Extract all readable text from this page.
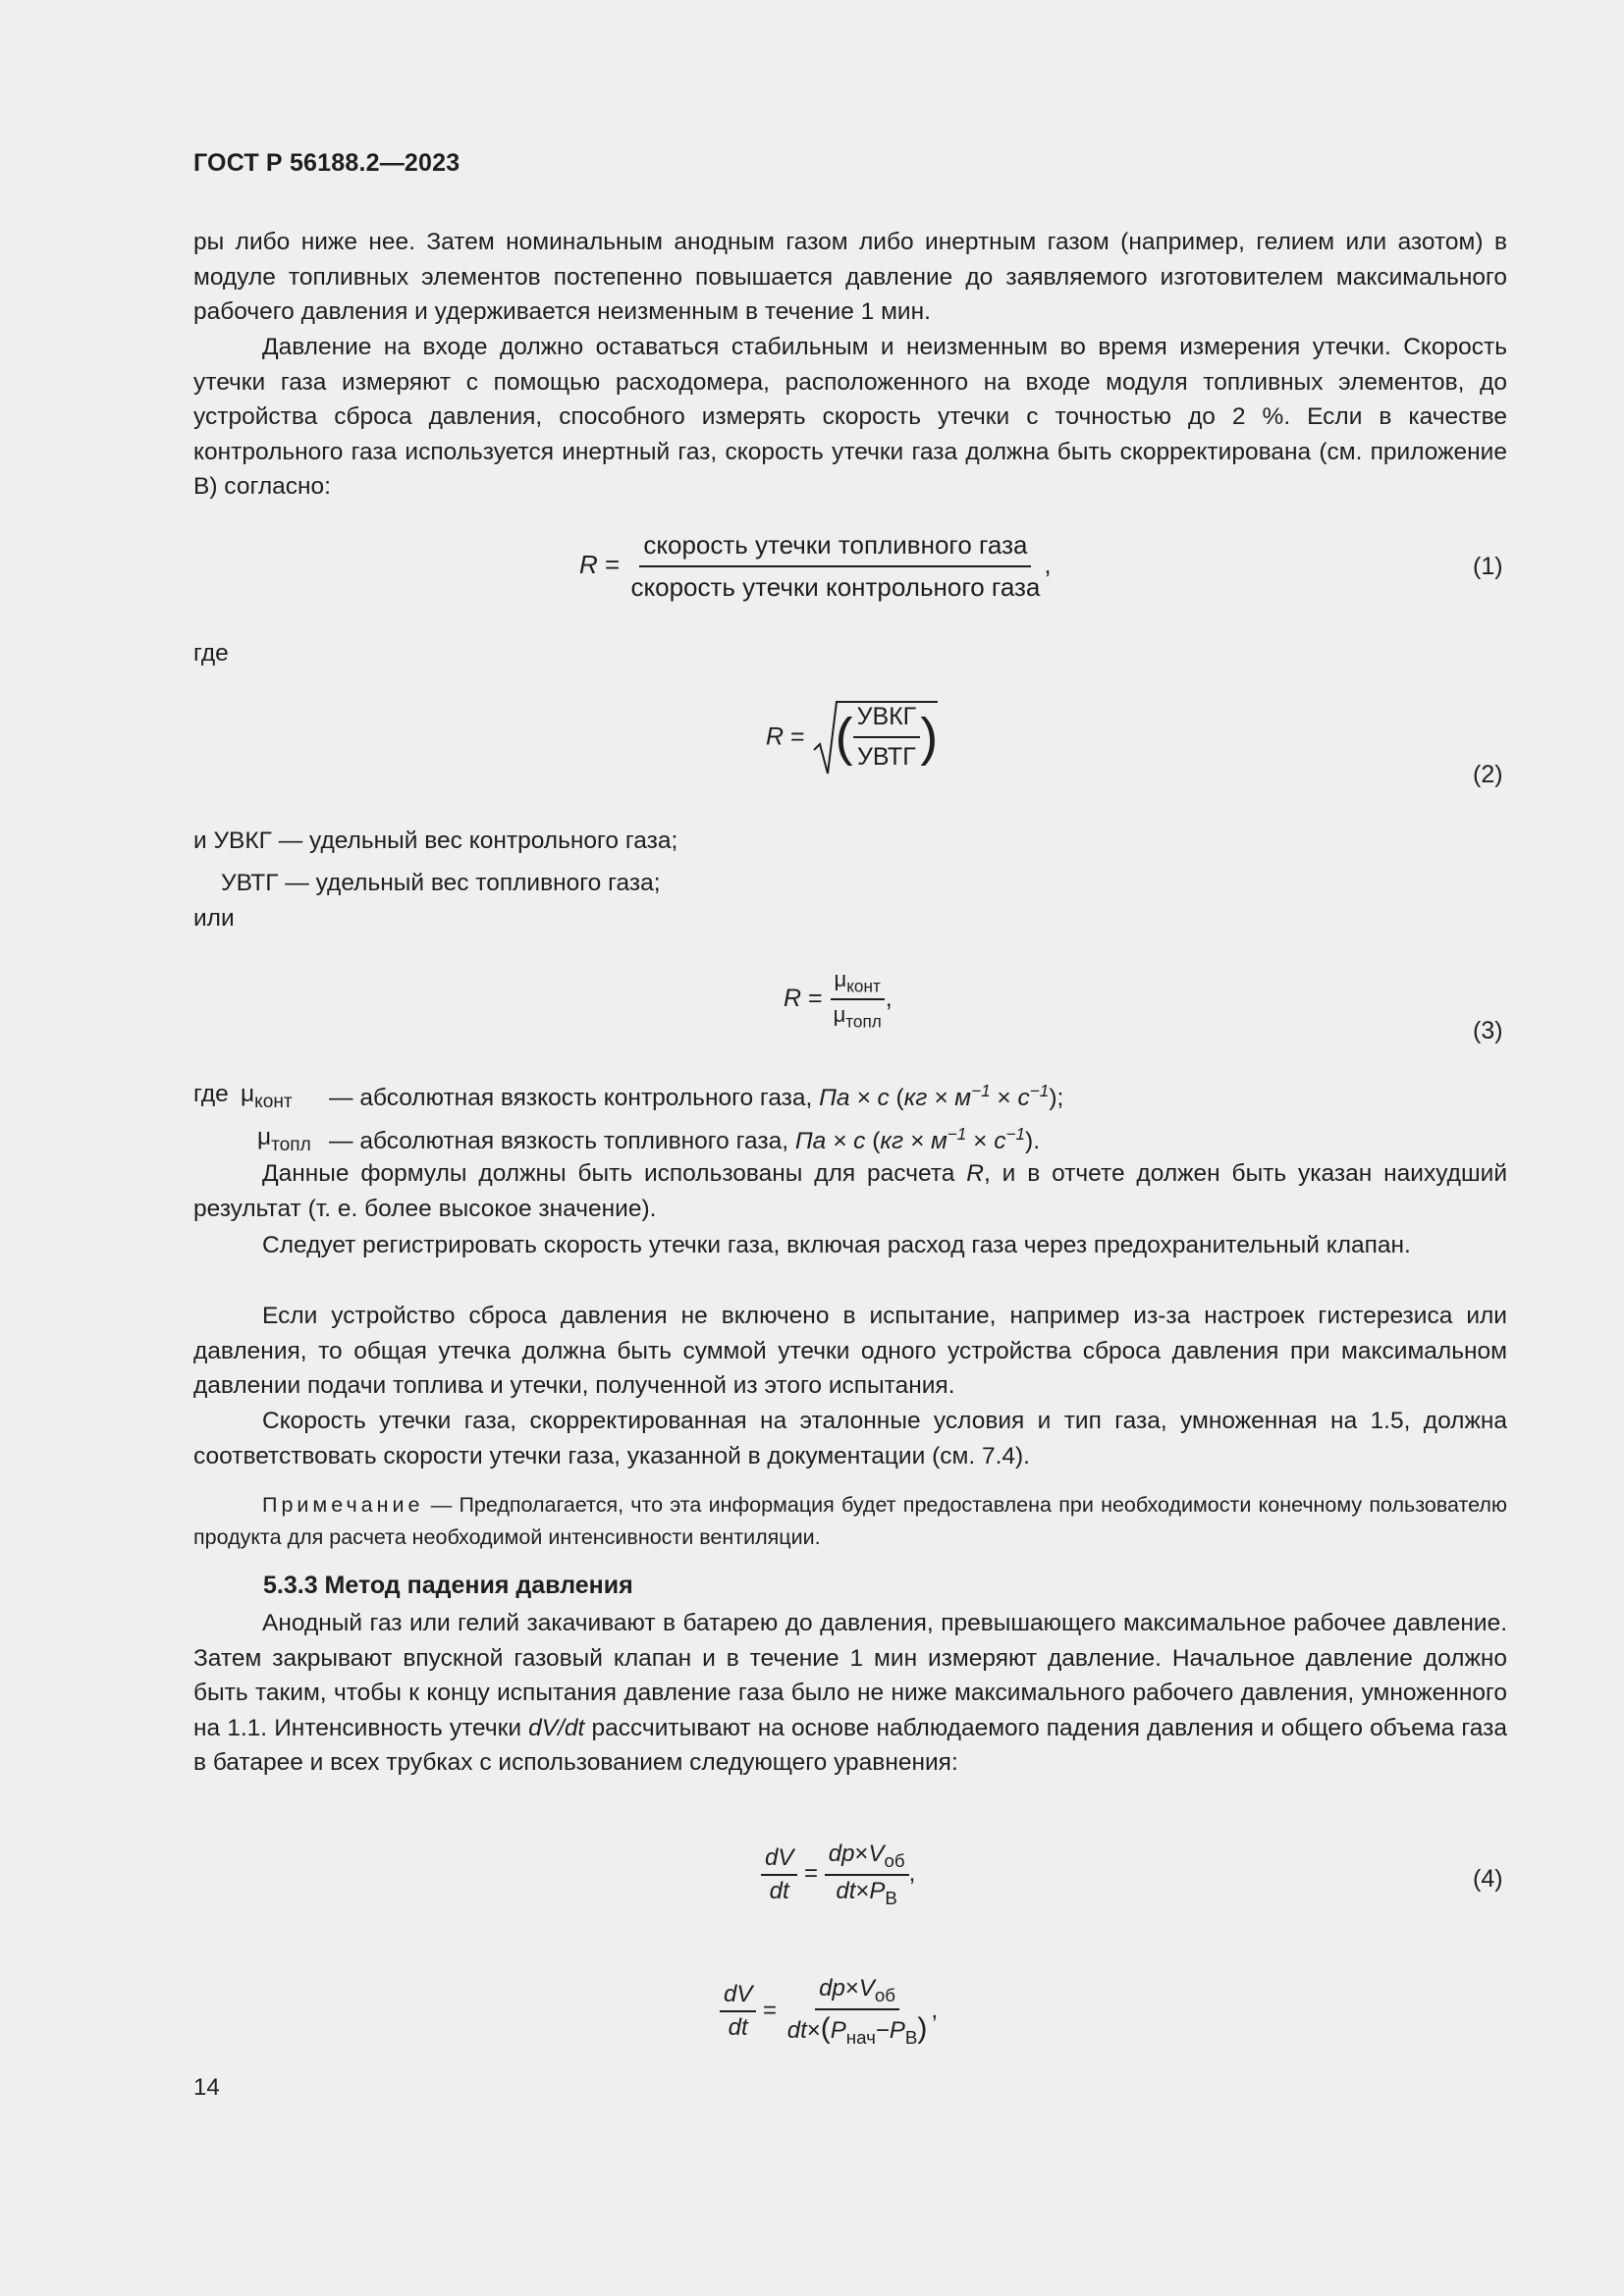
ГОСТ Р 56188.2—2023
ры либо ниже нее. Затем номинальным анодным газом либо инертным газом (например, гелием или азотом) в модуле топливных элементов постепенно повышается давление до заявляемого изготовителем максимального рабочего давления и удерживается неизменным в течение 1 мин.
Давление на входе должно оставаться стабильным и неизменным во время измерения утечки. Скорость утечки газа измеряют с помощью расходомера, расположенного на входе модуля топливных элементов, до устройства сброса давления, способного измерять скорость утечки с точностью до 2 %. Если в качестве контрольного газа используется инертный газ, скорость утечки газа должна быть скорректирована (см. приложение В) согласно:
$R = \frac{\text{скорость утечки топливного газа}}{\text{скорость утечки контрольного газа}}$ ,	(1)
где
R = ( $\frac{\text{УВКГ}}{\text{УВТГ}}$ )
(2)
и УВКГ — удельный вес контрольного газа;
УВТГ — удельный вес топливного газа;
или
$R = \frac{\mu_{конт}}{\mu_{топл}}$ ,
(3)
где $\mu_{конт}$ — абсолютная вязкость контрольного газа, Па × с $(кг \times м^{-1} \times с^{-1})$;
$\mu_{топл}$ — абсолютная вязкость топливного газа, Па × с $(кг \times м^{-1} \times с^{-1})$.
Данные формулы должны быть использованы для расчета R, и в отчете должен быть указан наихудший результат (т. е. более высокое значение).
Следует регистрировать скорость утечки газа, включая расход газа через предохранительный клапан.
Если устройство сброса давления не включено в испытание, например из-за настроек гистерезиса или давления, то общая утечка должна быть суммой утечки одного устройства сброса давления при максимальном давлении подачи топлива и утечки, полученной из этого испытания.
Скорость утечки газа, скорректированная на эталонные условия и тип газа, умноженная на 1.5, должна соответствовать скорости утечки газа, указанной в документации (см. 7.4).
Примечание — Предполагается, что эта информация будет предоставлена при необходимости конечному пользователю продукта для расчета необходимой интенсивности вентиляции.
5.3.3 Метод падения давления
Анодный газ или гелий закачивают в батарею до давления, превышающего максимальное рабочее давление. Затем закрывают впускной газовый клапан и в течение 1 мин измеряют давление. Начальное давление должно быть таким, чтобы к концу испытания давление газа было не ниже максимального рабочего давления, умноженного на 1.1. Интенсивность утечки dV/dt рассчитывают на основе наблюдаемого падения давления и общего объема газа в батарее и всех трубках с использованием следующего уравнения:
$\frac{dV}{dt} = \frac{dp\times V_{об}}{dt\times P_В}$ ,	(4)
$\frac{dV}{dt} = \frac{dp\times V_{об}}{dt\times(P_{нач}-P_В)}$ ,
14
